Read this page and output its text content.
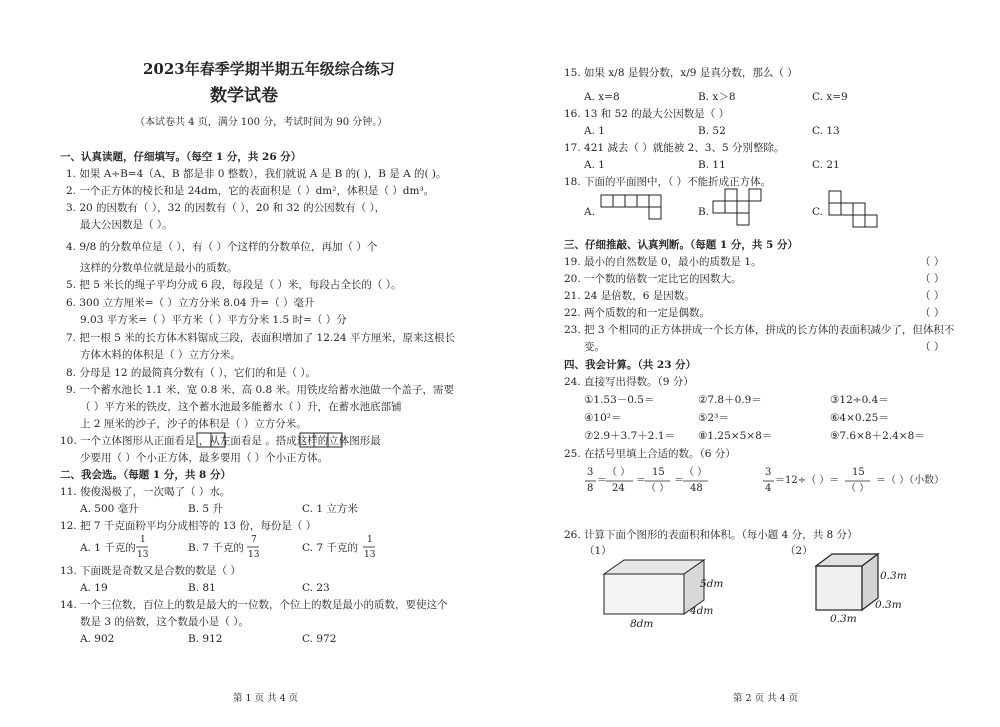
2023年春季学期半期五年级综合练习
数学试卷
（本试卷共 4 页，满分 100 分，考试时间为 90 分钟。）
一、认真读题，仔细填写。（每空 1 分，共 26 分）
1. 如果 A÷B=4（A、B 都是非 0 整数），我们就说 A 是 B 的( )，B 是 A 的( )。
2. 一个正方体的棱长和是 24dm，它的表面积是（ ）dm²，体积是（ ）dm³。
3. 20 的因数有（ ），32 的因数有（ ），20 和 32 的公因数有（ ），
最大公因数是（ ）。
4. 9/8 的分数单位是（ ），有（ ）个这样的分数单位，再加（ ）个
这样的分数单位就是最小的质数。
5. 把 5 米长的绳子平均分成 6 段，每段是（ ）米，每段占全长的（ ）。
6. 300 立方厘米=（ ）立方分米 8.04 升=（ ）毫升
9.03 平方米=（ ）平方米（ ）平方分米 1.5 时=（ ）分
7. 把一根 5 米的长方体木料锯成三段，表面积增加了 12.24 平方厘米，原来这根长
方体木料的体积是（ ）立方分米。
8. 分母是 12 的最简真分数有（ ），它们的和是（ ）。
9. 一个蓄水池长 1.1 米、宽 0.8 米、高 0.8 米。用铁皮给蓄水池做一个盖子，需要
（ ）平方米的铁皮，这个蓄水池最多能蓄水（ ）升，在蓄水池底部铺
上 2 厘米的沙子，沙子的体积是（ ）立方分米。
10. 一个立体图形从正面看是 ，从左面看是 。搭成这样的立体图形最
少要用（ ）个小正方体，最多要用（ ）个小正方体。
二、我会选。（每题 1 分，共 8 分）
11. 俊俊渴极了，一次喝了（ ）水。
A. 500 毫升	B. 5 升	C. 1 立方米
12. 把 7 千克面粉平均分成相等的 13 份，每份是（ ）
A. 1 千克的	B. 7 千克的	C. 7 千克的
1
13
7
13
1
13
13. 下面既是奇数又是合数的数是（ ）
A. 19	B. 81	C. 23
14. 一个三位数，百位上的数是最大的一位数，个位上的数是最小的质数，要使这个
数是 3 的倍数，这个数最小是（ ）。
A. 902	B. 912	C. 972
第 1 页 共 4 页
15. 如果 x/8 是假分数，x/9 是真分数，那么（ ）
A. x=8	B. x＞8	C. x=9
16. 13 和 52 的最大公因数是（ ）
A. 1	B. 52	C. 13
17. 421 减去（ ）就能被 2、3、5 分别整除。
A. 1	B. 11	C. 21
18. 下面的平面图中，（ ）不能折成正方体。
A.	B.	C.
三、仔细推敲、认真判断。（每题 1 分，共 5 分）
19. 最小的自然数是 0，最小的质数是 1。	（ ）
20. 一个数的倍数一定比它的因数大。	（ ）
21. 24 是倍数，6 是因数。	（ ）
22. 两个质数的和一定是偶数。	（ ）
23. 把 3 个相同的正方体拼成一个长方体，拼成的长方体的表面积减少了，但体积不
变。	（ ）
四、我会计算。（共 23 分）
24. 直接写出得数。（9 分）
①1.53－0.5＝	②7.8＋0.9＝	③12÷0.4＝
④10²＝	⑤2³＝	⑥4×0.25＝
⑦2.9＋3.7＋2.1＝ ⑧1.25×5×8＝	⑨7.6×8＋2.4×8＝
25. 在括号里填上合适的数。（6 分）
3
8
＝
（ ）
24
＝
15
（ ）
＝
（ ）
48
3
4
＝12÷（ ）＝
15
（ ）
＝（ ）（小数）
26. 计算下面个图形的表面积和体积。（每小题 4 分，共 8 分）
（1）	（2）
5dm
4dm
8dm
0.3m
0.3m
0.3m
第 2 页 共 4 页
